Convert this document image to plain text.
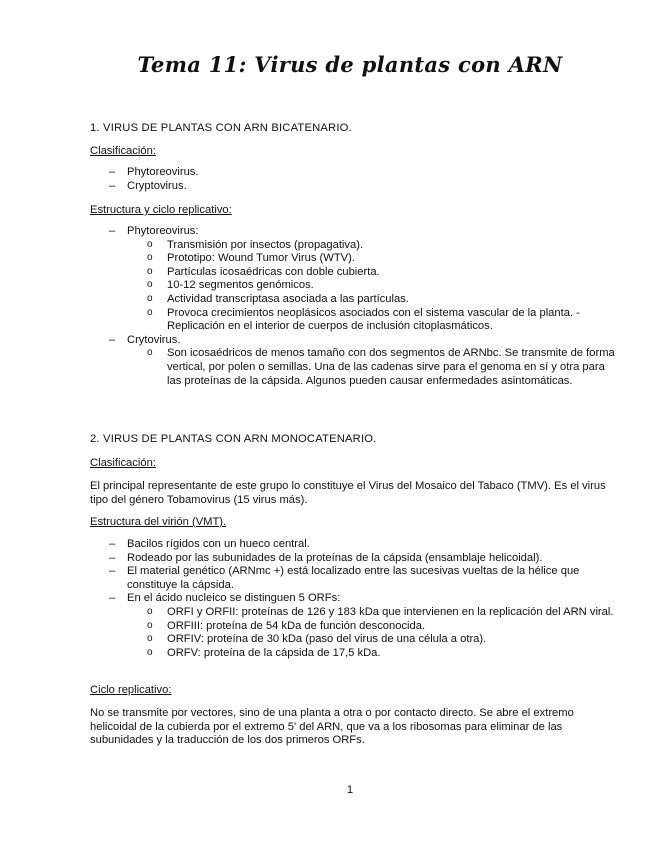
Tema 11: Virus de plantas con ARN
1. VIRUS DE PLANTAS CON ARN BICATENARIO.
Clasificación:
– Phytoreovirus.
– Cryptovirus.
Estructura y ciclo replicativo:
– Phytoreovirus:
o Transmisión por insectos (propagativa).
o Prototipo: Wound Tumor Virus (WTV).
o Partículas icosaédricas con doble cubierta.
o 10-12 segmentos genómicos.
o Actividad transcriptasa asociada a las partículas.
o Provoca crecimientos neoplásicos asociados con el sistema vascular de la planta. - Replicación en el interior de cuerpos de inclusión citoplasmáticos.
– Crytovirus.
o Son icosaédricos de menos tamaño con dos segmentos de ARNbc. Se transmite de forma vertical, por polen o semillas. Una de las cadenas sirve para el genoma en sí y otra para las proteínas de la cápsida. Algunos pueden causar enfermedades asintomáticas.
2. VIRUS DE PLANTAS CON ARN MONOCATENARIO.
Clasificación:
El principal representante de este grupo lo constituye el Virus del Mosaico del Tabaco (TMV). Es el virus tipo del género Tobamovirus (15 virus más).
Estructura del virión (VMT).
– Bacilos rígidos con un hueco central.
– Rodeado por las subunidades de la proteínas de la cápsida (ensamblaje helicoidal).
– El material genético (ARNmc +) está localizado entre las sucesivas vueltas de la hélice que constituye la cápsida.
– En el ácido nucleico se distinguen 5 ORFs:
o ORFI y ORFII: proteínas de 126 y 183 kDa que intervienen en la replicación del ARN viral.
o ORFIII: proteína de 54 kDa de función desconocida.
o ORFIV: proteína de 30 kDa (paso del virus de una célula a otra).
o ORFV: proteína de la cápsida de 17,5 kDa.
Ciclo replicativo:
No se transmite por vectores, sino de una planta a otra o por contacto directo. Se abre el extremo helicoidal de la cubierda por el extremo 5' del ARN, que va a los ribosomas para eliminar de las subunidades y la traducción de los dos primeros ORFs.
1
